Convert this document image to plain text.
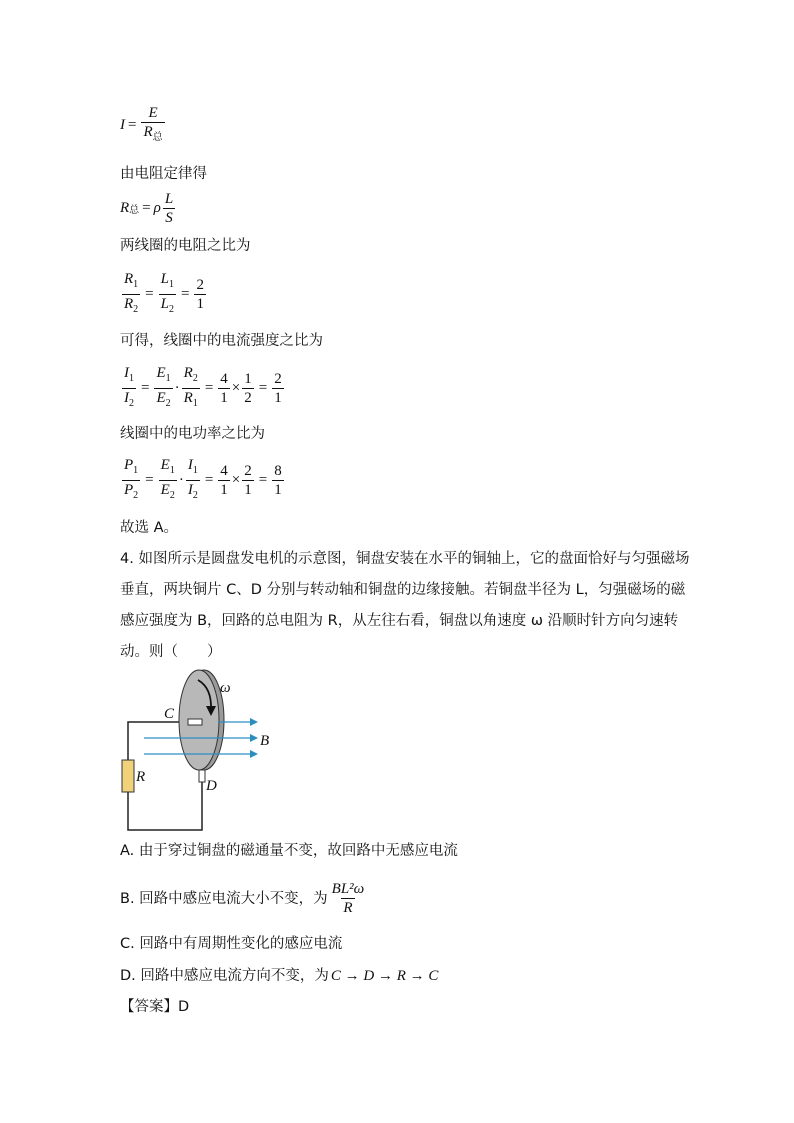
$I = \frac{E}{R_总}$
由电阻定律得
R 总 = ρ $\frac{L}{S}$
两线圈的电阻之比为
$\frac{R_1}{R_2} = \frac{L_1}{L_2} = \frac{2}{1}$
可得，线圈中的电流强度之比为
$\frac{I_1}{I_2} = \frac{E_1}{E_2} \cdot \frac{R_2}{R_1} = \frac{4}{1} \times \frac{1}{2} = \frac{2}{1}$
线圈中的电功率之比为
$\frac{P_1}{P_2} = \frac{E_1}{E_2} \cdot \frac{I_1}{I_2} = \frac{4}{1} \times \frac{2}{1} = \frac{8}{1}$
故选 A。
4. 如图所示是圆盘发电机的示意图，铜盘安装在水平的铜轴上，它的盘面恰好与匀强磁场
垂直，两块铜片 C、D 分别与转动轴和铜盘的边缘接触。若铜盘半径为 L，匀强磁场的磁
感应强度为 B，回路的总电阻为 R，从左往右看，铜盘以角速度 ω 沿顺时针方向匀速转
动。则（　　）
ω
C
B
R
D
A. 由于穿过铜盘的磁通量不变，故回路中无感应电流
B. 回路中感应电流大小不变，为 $\frac{\text{BL²ω}}{R}$
C. 回路中有周期性变化的感应电流
D. 回路中感应电流方向不变，为 C → D → R → C
【答案】D
